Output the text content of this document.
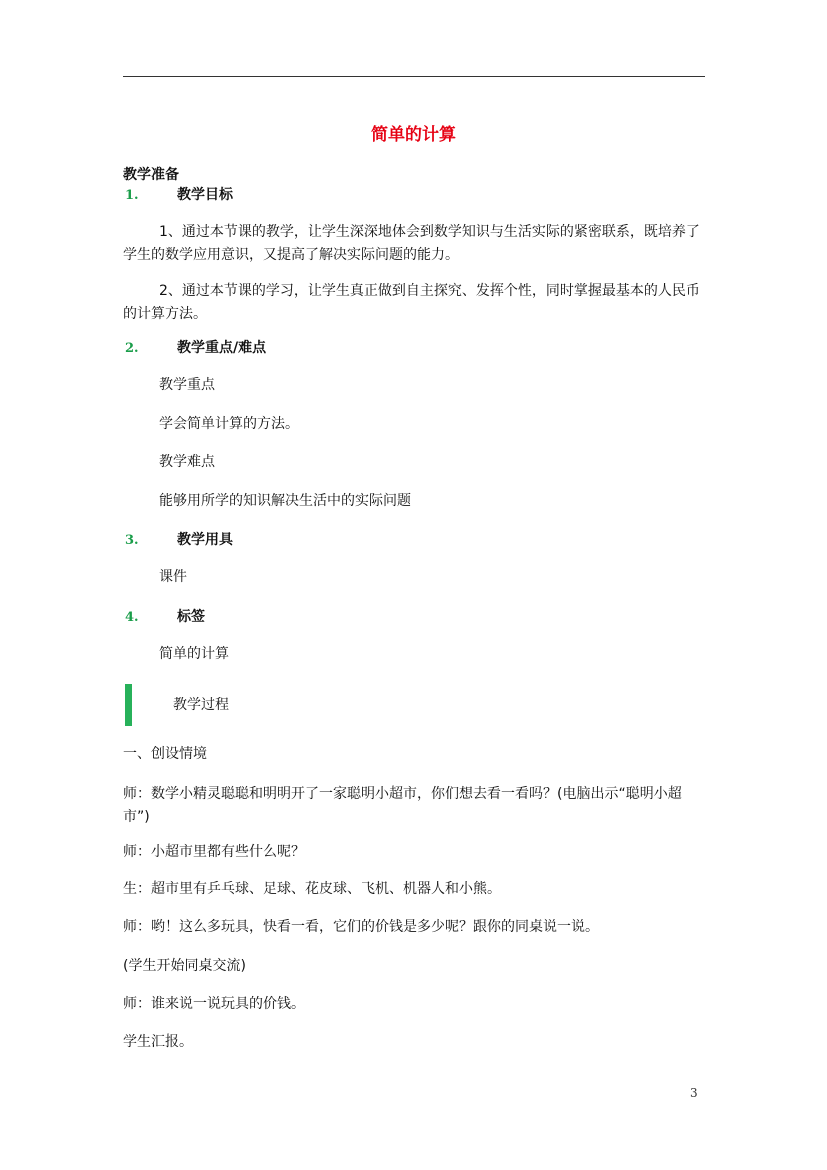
简单的计算
教学准备
1.	教学目标
1、通过本节课的教学，让学生深深地体会到数学知识与生活实际的紧密联系，既培养了学生的数学应用意识，又提高了解决实际问题的能力。
2、通过本节课的学习，让学生真正做到自主探究、发挥个性，同时掌握最基本的人民币的计算方法。
2.	教学重点/难点
教学重点
学会简单计算的方法。
教学难点
能够用所学的知识解决生活中的实际问题
3.	教学用具
课件
4.	标签
简单的计算
教学过程
一、创设情境
师：数学小精灵聪聪和明明开了一家聪明小超市，你们想去看一看吗？(电脑出示“聪明小超市”)
师：小超市里都有些什么呢？
生：超市里有乒乓球、足球、花皮球、飞机、机器人和小熊。
师：哟！这么多玩具，快看一看，它们的价钱是多少呢？跟你的同桌说一说。
(学生开始同桌交流)
师：谁来说一说玩具的价钱。
学生汇报。
3
